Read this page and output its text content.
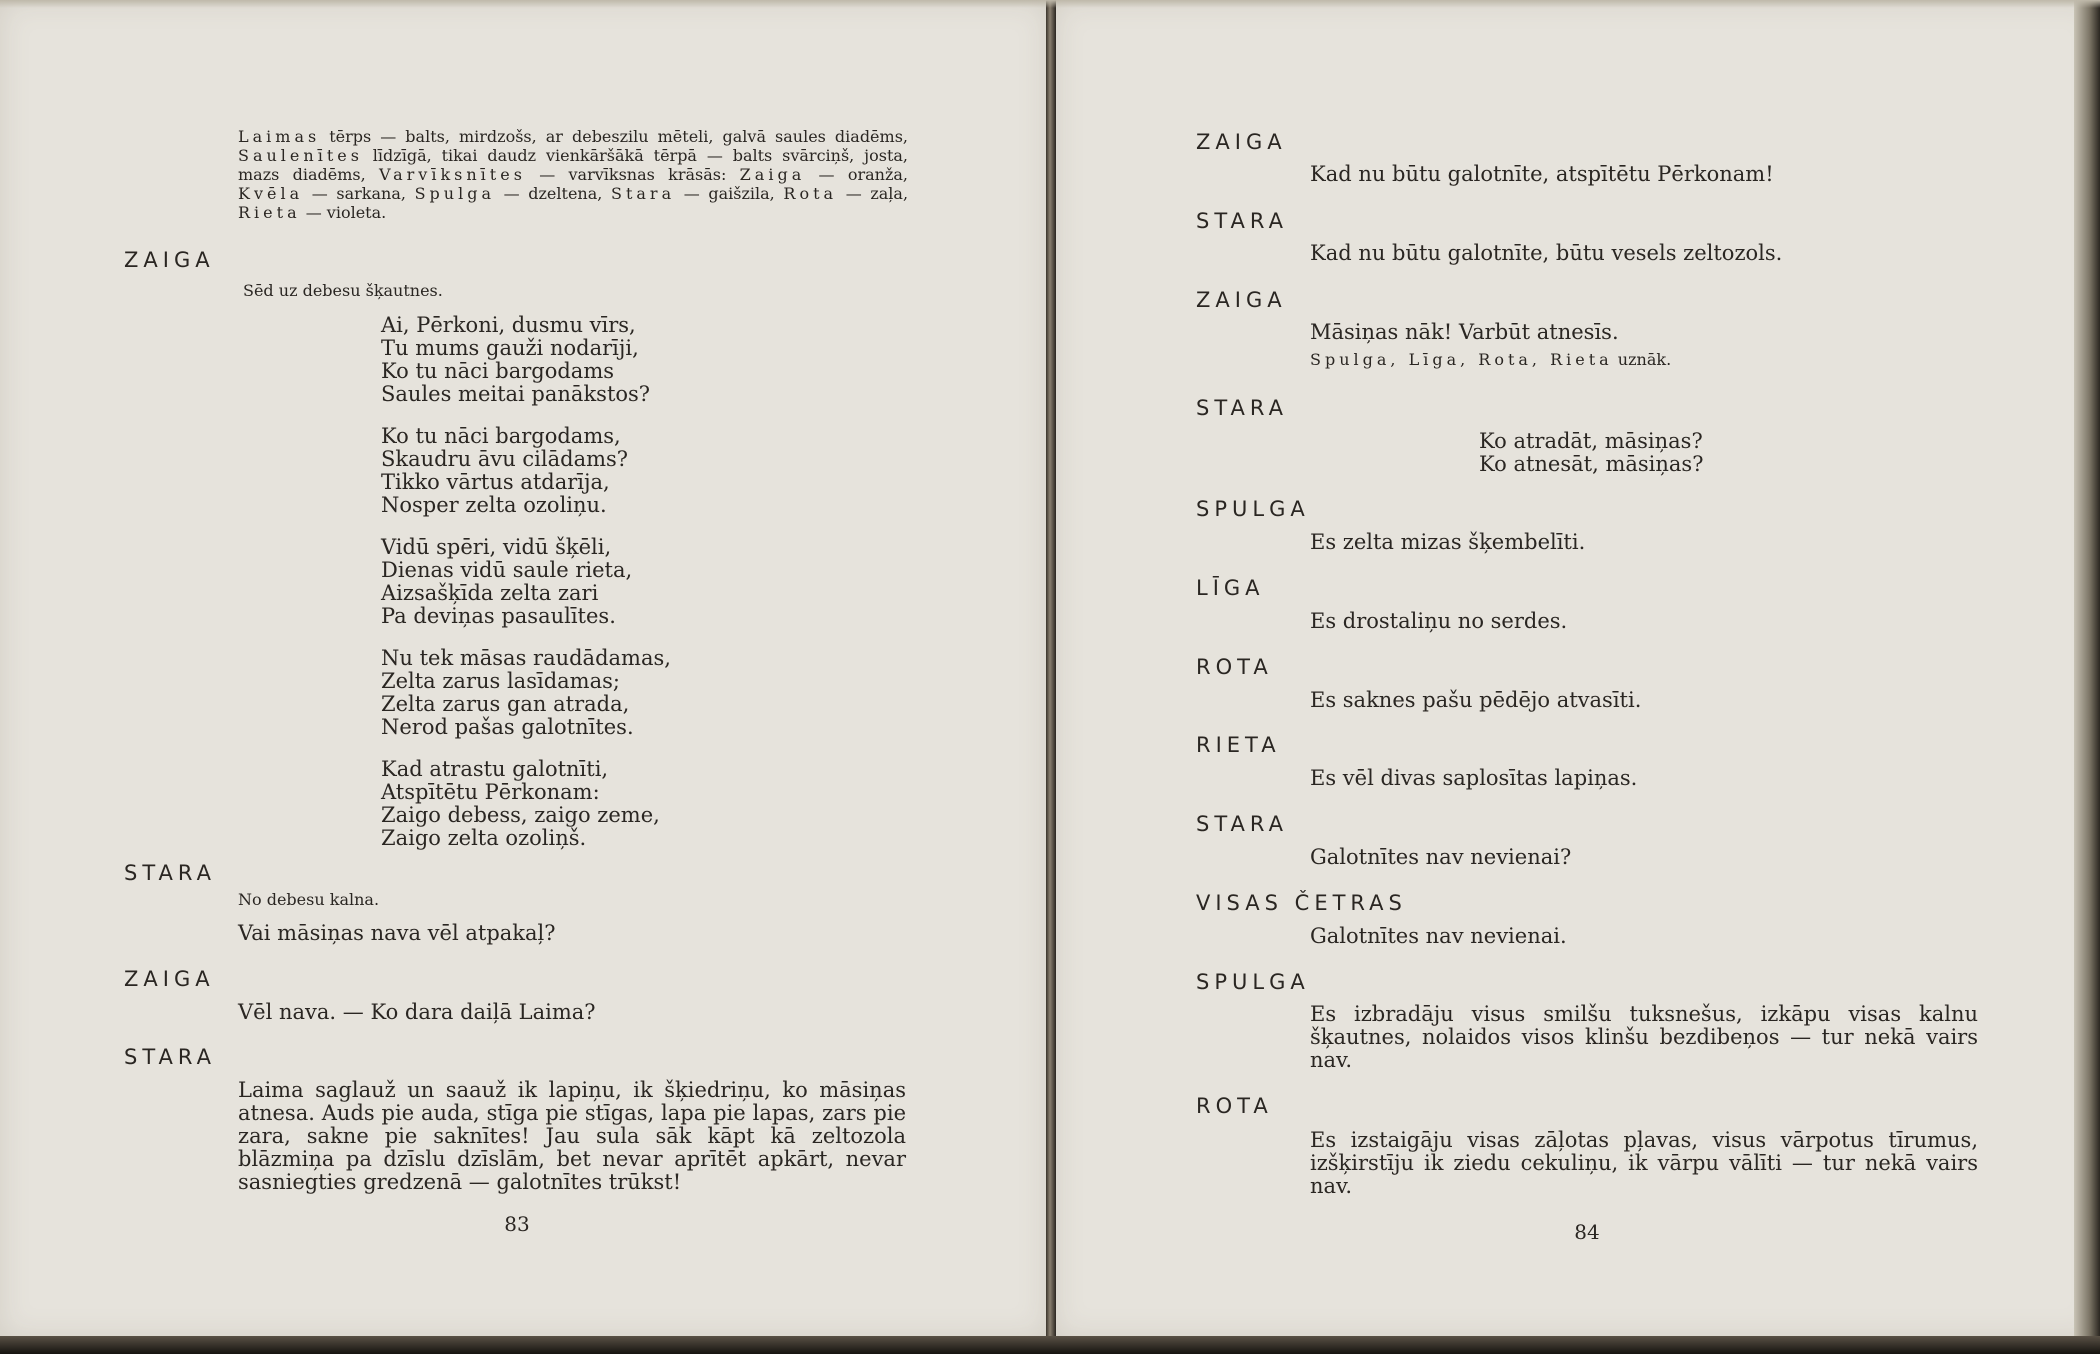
Laimas tērps — balts, mirdzošs, ar debeszilu mēteli, galvā saules diadēms, Saulenītes līdzīgā, tikai daudz vienkāršākā tērpā — balts svārciņš, josta, mazs diadēms, Varvīksnītes — varvīksnas krāsās: Zaiga — oranža, Kvēla — sarkana, Spulga — dzeltena, Stara — gaišzila, Rota — zaļa, Rieta — violeta.
ZAIGA
Sēd uz debesu šķautnes.
Ai, Pērkoni, dusmu vīrs,
Tu mums gauži nodarīji,
Ko tu nāci bargodams
Saules meitai panākstos?
Ko tu nāci bargodams,
Skaudru āvu cilādams?
Tikko vārtus atdarīja,
Nosper zelta ozoliņu.
Vidū spēri, vidū šķēli,
Dienas vidū saule rieta,
Aizsašķīda zelta zari
Pa deviņas pasaulītes.
Nu tek māsas raudādamas,
Zelta zarus lasīdamas;
Zelta zarus gan atrada,
Nerod pašas galotnītes.
Kad atrastu galotnīti,
Atspītētu Pērkonam:
Zaigo debess, zaigo zeme,
Zaigo zelta ozoliņš.
STARA
No debesu kalna.
Vai māsiņas nava vēl atpakaļ?
ZAIGA
Vēl nava. — Ko dara daiļā Laima?
STARA
Laima saglauž un saauž ik lapiņu, ik šķiedriņu, ko māsiņas atnesa. Auds pie auda, stīga pie stīgas, lapa pie lapas, zars pie zara, sakne pie saknītes! Jau sula sāk kāpt kā zeltozola blāzmiņa pa dzīslu dzīslām, bet nevar aprītēt apkārt, nevar sasniegties gredzenā — galotnītes trūkst!
83
ZAIGA
Kad nu būtu galotnīte, atspītētu Pērkonam!
STARA
Kad nu būtu galotnīte, būtu vesels zeltozols.
ZAIGA
Māsiņas nāk! Varbūt atnesīs.
Spulga, Līga, Rota, Rieta uznāk.
STARA
Ko atradāt, māsiņas?
Ko atnesāt, māsiņas?
SPULGA
Es zelta mizas šķembelīti.
LĪGA
Es drostaliņu no serdes.
ROTA
Es saknes pašu pēdējo atvasīti.
RIETA
Es vēl divas saplosītas lapiņas.
STARA
Galotnītes nav nevienai?
VISAS ČETRAS
Galotnītes nav nevienai.
SPULGA
Es izbradāju visus smilšu tuksnešus, izkāpu visas kalnu šķautnes, nolaidos visos klinšu bezdibeņos — tur nekā vairs nav.
ROTA
Es izstaigāju visas zāļotas pļavas, visus vārpotus tīrumus, izšķirstīju ik ziedu cekuliņu, ik vārpu vālīti — tur nekā vairs nav.
84
